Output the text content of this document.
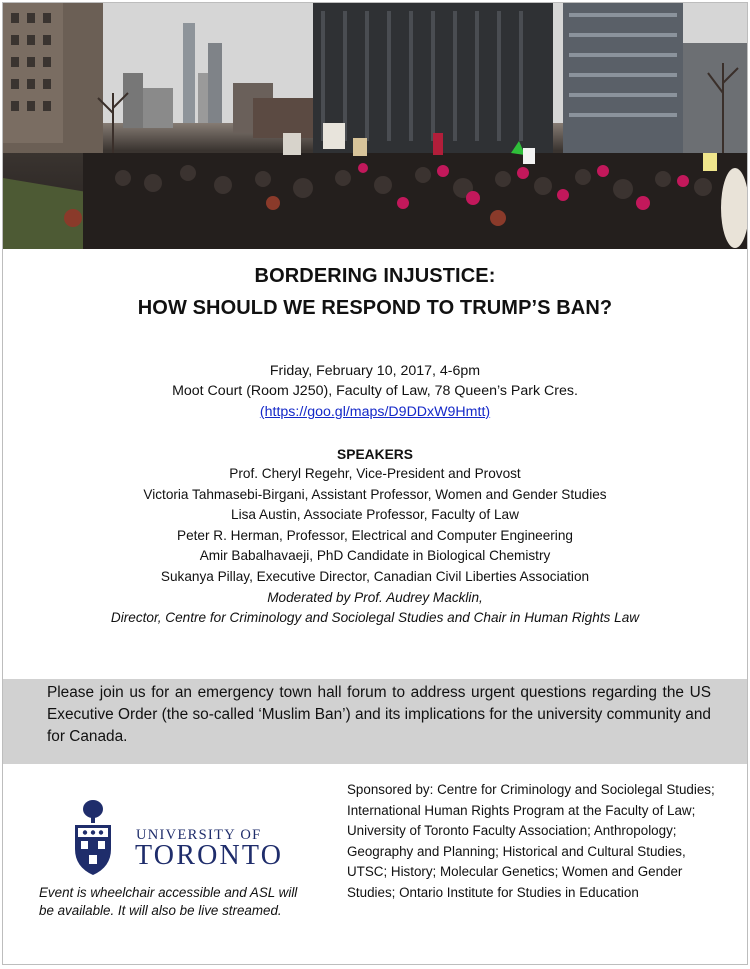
BORDERING INJUSTICE:
HOW SHOULD WE RESPOND TO TRUMP’S BAN?
Friday, February 10, 2017, 4-6pm
Moot Court (Room J250), Faculty of Law, 78 Queen’s Park Cres.
(https://goo.gl/maps/D9DDxW9Hmtt)
SPEAKERS
Prof. Cheryl Regehr, Vice-President and Provost
Victoria Tahmasebi-Birgani, Assistant Professor, Women and Gender Studies
Lisa Austin, Associate Professor, Faculty of Law
Peter R. Herman, Professor, Electrical and Computer Engineering
Amir Babalhavaeji, PhD Candidate in Biological Chemistry
Sukanya Pillay, Executive Director, Canadian Civil Liberties Association
Moderated by Prof. Audrey Macklin,
Director, Centre for Criminology and Sociolegal Studies and Chair in Human Rights Law

Please join us for an emergency town hall forum to address urgent questions regarding the US Executive Order (the so-called ‘Muslim Ban’) and its implications for the university community and for Canada.

UNIVERSITY OF
TORONTO
Event is wheelchair accessible and ASL will be available. It will also be live streamed.
Sponsored by: Centre for Criminology and Sociolegal Studies; International Human Rights Program at the Faculty of Law; University of Toronto Faculty Association; Anthropology; Geography and Planning; Historical and Cultural Studies, UTSC; History; Molecular Genetics; Women and Gender Studies; Ontario Institute for Studies in Education
